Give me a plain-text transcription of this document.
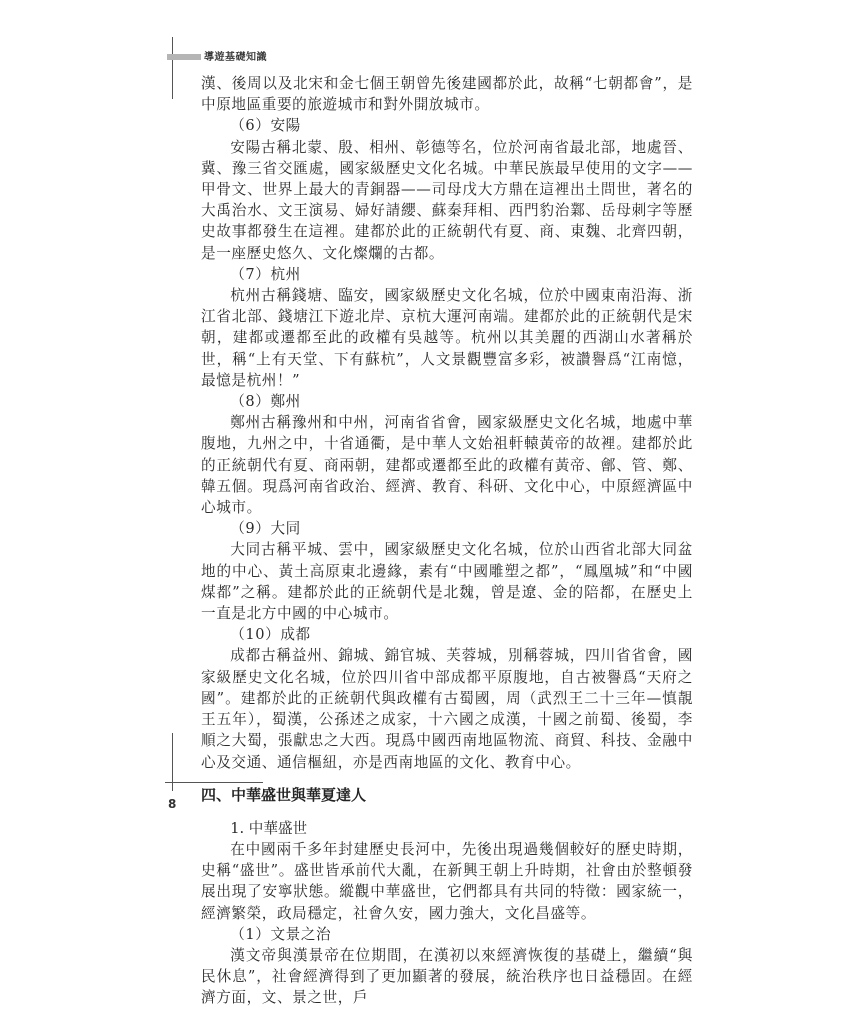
導遊基礎知識

漢、後周以及北宋和金七個王朝曾先後建國都於此，故稱“七朝都會”，是中原地區重要的旅遊城市和對外開放城市。

（6）安陽

安陽古稱北蒙、殷、相州、彰德等名，位於河南省最北部，地處晉、冀、豫三省交匯處，國家級歷史文化名城。中華民族最早使用的文字——甲骨文、世界上最大的青銅器——司母戊大方鼎在這裡出土問世，著名的大禹治水、文王演易、婦好請纓、蘇秦拜相、西門豹治鄴、岳母刺字等歷史故事都發生在這裡。建都於此的正統朝代有夏、商、東魏、北齊四朝，是一座歷史悠久、文化燦爛的古都。

（7）杭州

杭州古稱錢塘、臨安，國家級歷史文化名城，位於中國東南沿海、浙江省北部、錢塘江下遊北岸、京杭大運河南端。建都於此的正統朝代是宋朝，建都或遷都至此的政權有吳越等。杭州以其美麗的西湖山水著稱於世，稱“上有天堂、下有蘇杭”，人文景觀豐富多彩，被讚譽爲“江南憶，最憶是杭州！”

（8）鄭州

鄭州古稱豫州和中州，河南省省會，國家級歷史文化名城，地處中華腹地，九州之中，十省通衢，是中華人文始祖軒轅黃帝的故裡。建都於此的正統朝代有夏、商兩朝，建都或遷都至此的政權有黃帝、鄶、管、鄭、韓五個。現爲河南省政治、經濟、教育、科研、文化中心，中原經濟區中心城市。

（9）大同

大同古稱平城、雲中，國家級歷史文化名城，位於山西省北部大同盆地的中心、黃土高原東北邊緣，素有“中國雕塑之都”，“鳳凰城”和“中國煤都”之稱。建都於此的正統朝代是北魏，曾是遼、金的陪都，在歷史上一直是北方中國的中心城市。

（10）成都

成都古稱益州、錦城、錦官城、芙蓉城，別稱蓉城，四川省省會，國家級歷史文化名城，位於四川省中部成都平原腹地，自古被譽爲“天府之國”。建都於此的正統朝代與政權有古蜀國，周（武烈王二十三年—慎靚王五年），蜀漢，公孫述之成家，十六國之成漢，十國之前蜀、後蜀，李順之大蜀，張獻忠之大西。現爲中國西南地區物流、商貿、科技、金融中心及交通、通信樞紐，亦是西南地區的文化、教育中心。

四、中華盛世與華夏達人

1. 中華盛世

在中國兩千多年封建歷史長河中，先後出現過幾個較好的歷史時期，史稱“盛世”。盛世皆承前代大亂，在新興王朝上升時期，社會由於整頓發展出現了安寧狀態。縱觀中華盛世，它們都具有共同的特徵：國家統一，經濟繁榮，政局穩定，社會久安，國力強大，文化昌盛等。

（1）文景之治

漢文帝與漢景帝在位期間，在漢初以來經濟恢復的基礎上，繼續“與民休息”，社會經濟得到了更加顯著的發展，統治秩序也日益穩固。在經濟方面，文、景之世，戶

8
